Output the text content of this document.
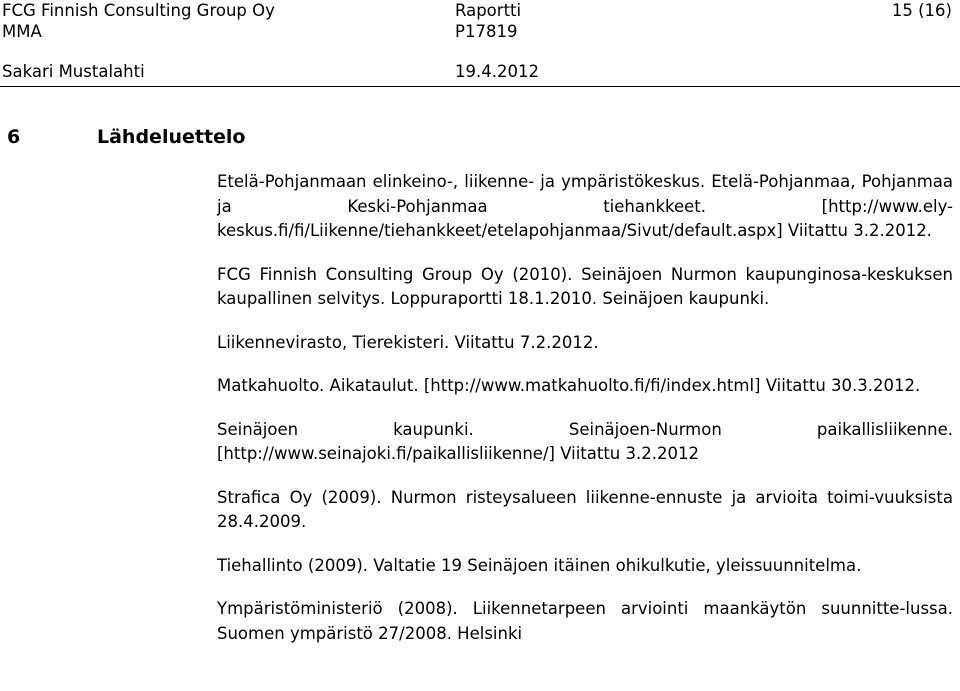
FCG Finnish Consulting Group Oy
MMA
Sakari Mustalahti
Raportti
P17819
19.4.2012
15 (16)
6	Lähdeluettelo

Etelä-Pohjanmaan elinkeino-, liikenne- ja ympäristökeskus. Etelä-Pohjanmaa, Pohjanmaa ja Keski-Pohjanmaa tiehankkeet. [http://www.ely-keskus.fi/fi/Liikenne/tiehankkeet/etelapohjanmaa/Sivut/default.aspx] Viitattu 3.2.2012.

FCG Finnish Consulting Group Oy (2010). Seinäjoen Nurmon kaupunginosa-keskuksen kaupallinen selvitys. Loppuraportti 18.1.2010. Seinäjoen kaupunki.

Liikennevirasto, Tierekisteri. Viitattu 7.2.2012.

Matkahuolto. Aikataulut. [http://www.matkahuolto.fi/fi/index.html] Viitattu 30.3.2012.

Seinäjoen kaupunki. Seinäjoen-Nurmon paikallisliikenne. [http://www.seinajoki.fi/paikallisliikenne/] Viitattu 3.2.2012

Strafica Oy (2009). Nurmon risteysalueen liikenne-ennuste ja arvioita toimi-vuuksista 28.4.2009.

Tiehallinto (2009). Valtatie 19 Seinäjoen itäinen ohikulkutie, yleissuunnitelma.

Ympäristöministeriö (2008). Liikennetarpeen arviointi maankäytön suunnitte-lussa. Suomen ympäristö 27/2008. Helsinki
